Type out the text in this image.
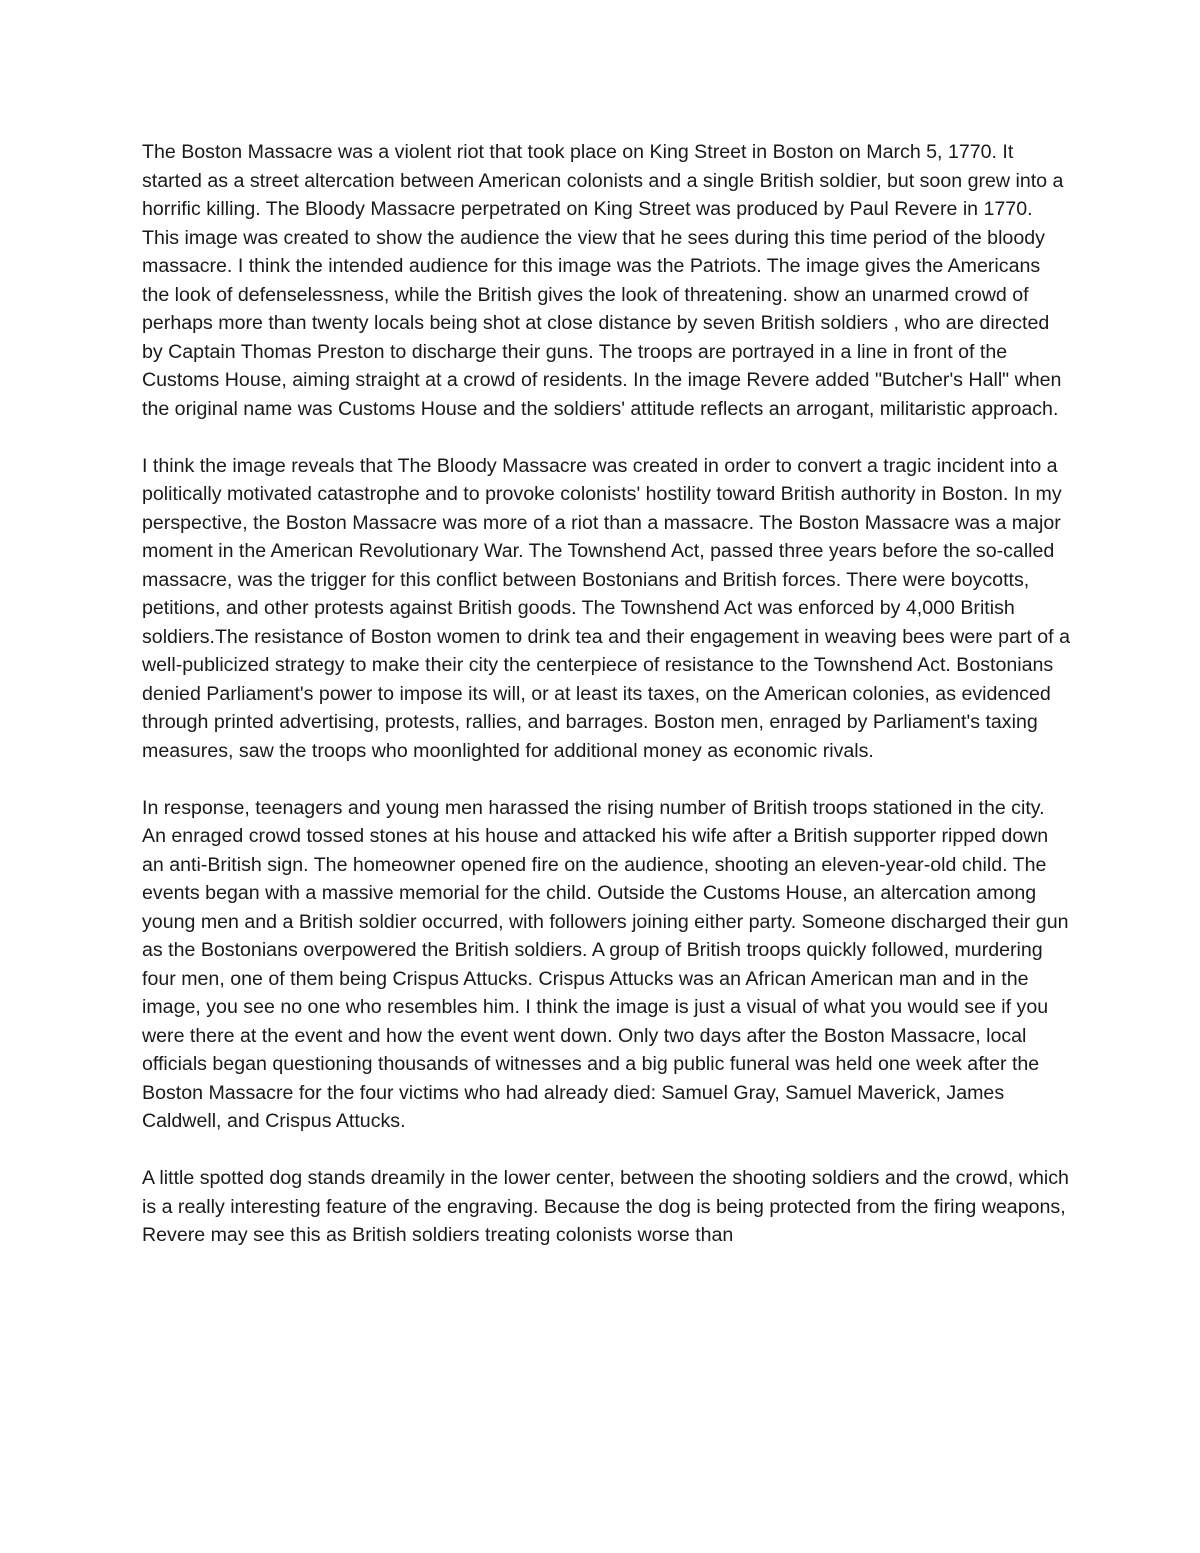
The Boston Massacre was a violent riot that took place on King Street in Boston on March 5, 1770. It started as a street altercation between American colonists and a single British soldier, but soon grew into a horrific killing. The Bloody Massacre perpetrated on King Street was produced by Paul Revere in 1770. This image was created to show the audience the view that he sees during this time period of the bloody massacre. I think the intended audience for this image was the Patriots. The image gives the Americans the look of defenselessness, while the British gives the look of threatening. show an unarmed crowd of perhaps more than twenty locals being shot at close distance by seven British soldiers , who are directed by Captain Thomas Preston to discharge their guns. The troops are portrayed in a line in front of the Customs House, aiming straight at a crowd of residents. In the image Revere added "Butcher's Hall" when the original name was Customs House and the soldiers' attitude reflects an arrogant, militaristic approach.

I think the image reveals that The Bloody Massacre was created in order to convert a tragic incident into a politically motivated catastrophe and to provoke colonists' hostility toward British authority in Boston. In my perspective, the Boston Massacre was more of a riot than a massacre. The Boston Massacre was a major moment in the American Revolutionary War. The Townshend Act, passed three years before the so-called massacre, was the trigger for this conflict between Bostonians and British forces. There were boycotts, petitions, and other protests against British goods. The Townshend Act was enforced by 4,000 British soldiers.The resistance of Boston women to drink tea and their engagement in weaving bees were part of a well-publicized strategy to make their city the centerpiece of resistance to the Townshend Act. Bostonians denied Parliament's power to impose its will, or at least its taxes, on the American colonies, as evidenced through printed advertising, protests, rallies, and barrages. Boston men, enraged by Parliament's taxing measures, saw the troops who moonlighted for additional money as economic rivals.

In response, teenagers and young men harassed the rising number of British troops stationed in the city. An enraged crowd tossed stones at his house and attacked his wife after a British supporter ripped down an anti-British sign. The homeowner opened fire on the audience, shooting an eleven-year-old child. The events began with a massive memorial for the child. Outside the Customs House, an altercation among young men and a British soldier occurred, with followers joining either party. Someone discharged their gun as the Bostonians overpowered the British soldiers. A group of British troops quickly followed, murdering four men, one of them being Crispus Attucks. Crispus Attucks was an African American man and in the image, you see no one who resembles him. I think the image is just a visual of what you would see if you were there at the event and how the event went down. Only two days after the Boston Massacre, local officials began questioning thousands of witnesses and a big public funeral was held one week after the Boston Massacre for the four victims who had already died: Samuel Gray, Samuel Maverick, James Caldwell, and Crispus Attucks.

A little spotted dog stands dreamily in the lower center, between the shooting soldiers and the crowd, which is a really interesting feature of the engraving. Because the dog is being protected from the firing weapons, Revere may see this as British soldiers treating colonists worse than
